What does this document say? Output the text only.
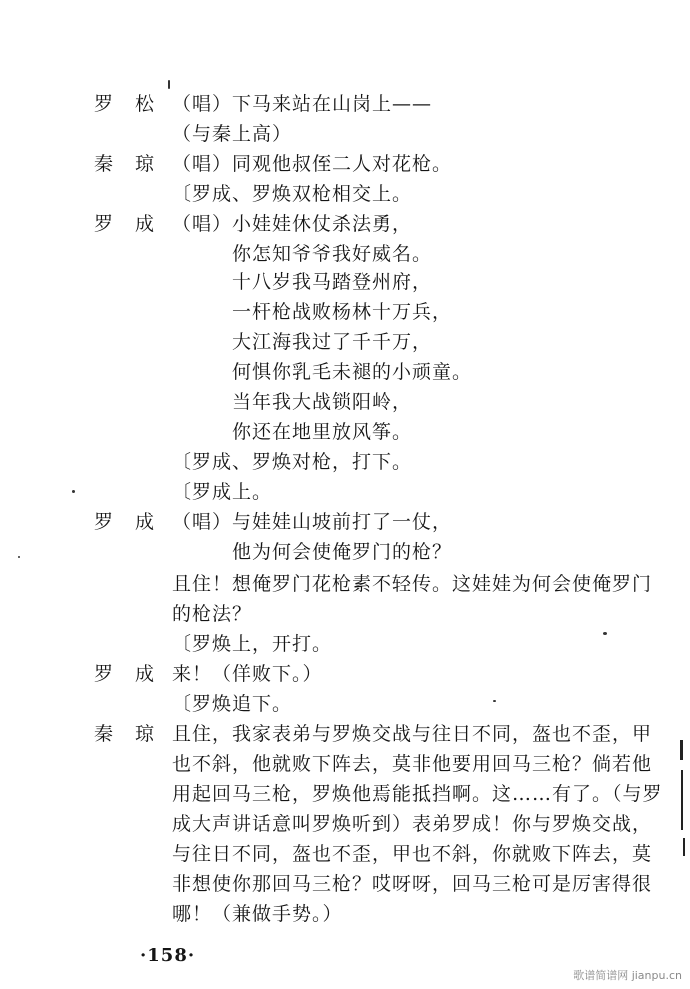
罗 松 （唱）下马来站在山岗上——
（与秦上高）
秦 琼 （唱）同观他叔侄二人对花枪。
〔罗成、罗焕双枪相交上。
罗 成 （唱）小娃娃休仗杀法勇，
你怎知爷爷我好威名。
十八岁我马踏登州府，
一杆枪战败杨林十万兵，
大江海我过了千千万，
何惧你乳毛未褪的小顽童。
当年我大战锁阳岭，
你还在地里放风筝。
〔罗成、罗焕对枪，打下。
〔罗成上。
罗 成 （唱）与娃娃山坡前打了一仗，
他为何会使俺罗门的枪？
且住！想俺罗门花枪素不轻传。这娃娃为何会使俺罗门
的枪法？
〔罗焕上，开打。
罗 成 来！（佯败下。）
〔罗焕追下。
秦 琼 且住，我家表弟与罗焕交战与往日不同，盔也不歪，甲
也不斜，他就败下阵去，莫非他要用回马三枪？倘若他
用起回马三枪，罗焕他焉能抵挡啊。这……有了。（与罗
成大声讲话意叫罗焕听到）表弟罗成！你与罗焕交战，
与往日不同，盔也不歪，甲也不斜，你就败下阵去，莫
非想使你那回马三枪？哎呀呀，回马三枪可是厉害得很
哪！（兼做手势。）
·158·
歌谱简谱网 jianpu.cn
